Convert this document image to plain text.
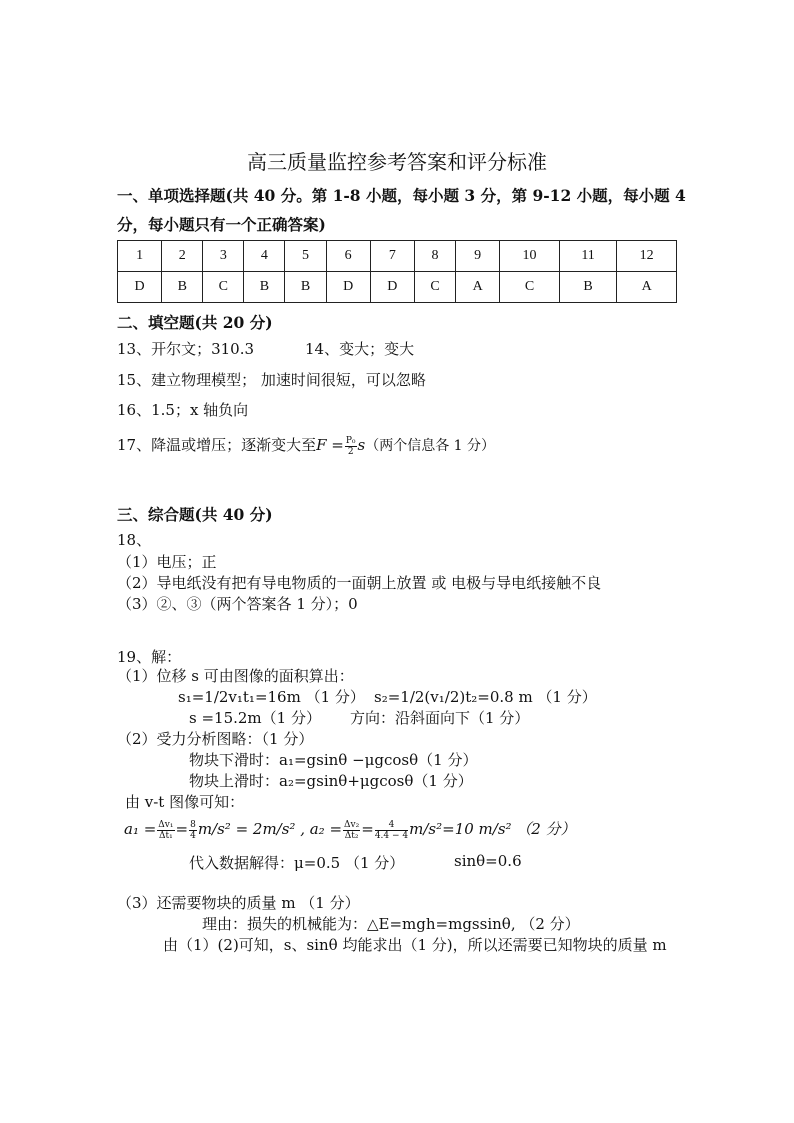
高三质量监控参考答案和评分标准
一、单项选择题(共 40 分。第 1-8 小题，每小题 3 分，第 9-12 小题，每小题 4
分，每小题只有一个正确答案)
1	2	3	4	5	6	7	8	9	10	11	12
D	B	C	B	B	D	D	C	A	C	B	A
二、填空题(共 20 分)
13、开尔文；310.3	14、变大；变大
15、建立物理模型； 加速时间很短，可以忽略
16、1.5；x 轴负向
17、降温或增压；逐渐变大至$F = \frac{\text{P₀}}{2} s$（两个信息各 1 分）
三、综合题(共 40 分)
18、
（1）电压；正
（2）导电纸没有把有导电物质的一面朝上放置 或 电极与导电纸接触不良
（3）②、③（两个答案各 1 分）；0
19、解：
（1）位移 s 可由图像的面积算出：
s₁=1/2v₁t₁=16m （1 分） s₂=1/2(v₁/2)t₂=0.8 m （1 分）
s =15.2m（1 分） 方向：沿斜面向下（1 分）
（2）受力分析图略：（1 分）
物块下滑时：a₁=gsinθ −μgcosθ（1 分）
物块上滑时：a₂=gsinθ+μgcosθ（1 分）
由 v-t 图像可知：
$a_1 = \frac{\text{Δv₁}}{\text{Δt₁}} = \frac{8}{4} m/s^2 = 2m/s^2$ , $a_2 = \frac{\text{Δv₂}}{\text{Δt₂}} = \frac{4}{4.4 - 4} m/s^2=10$ m/s² （2 分）
代入数据解得：μ=0.5 （1 分）	sinθ=0.6
（3）还需要物块的质量 m （1 分）
理由：损失的机械能为：△E=mgh=mgssinθ, （2 分）
由（1）(2)可知，s、sinθ 均能求出（1 分)，所以还需要已知物块的质量 m
